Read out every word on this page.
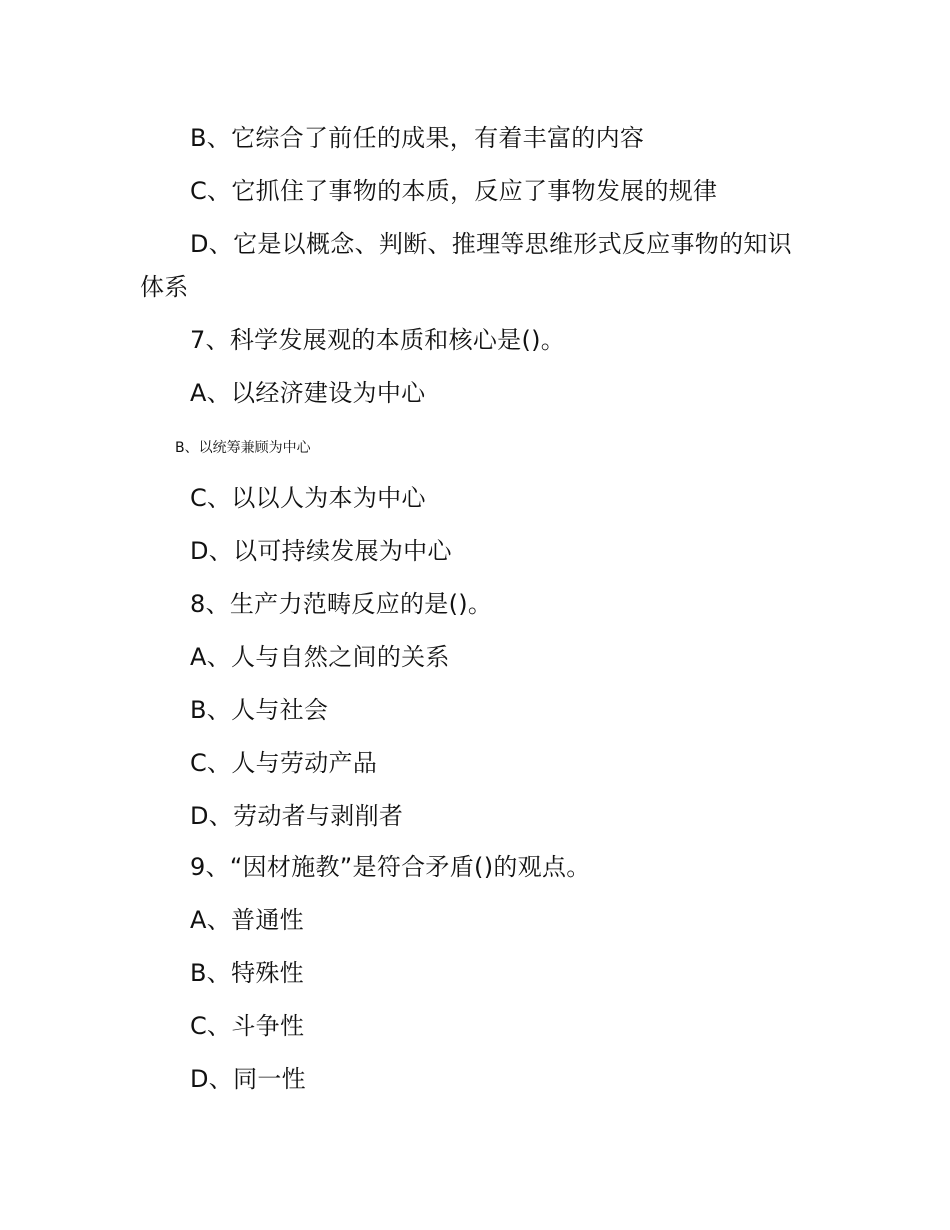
B、它综合了前任的成果，有着丰富的内容
C、它抓住了事物的本质，反应了事物发展的规律
D、它是以概念、判断、推理等思维形式反应事物的知识
体系
7、科学发展观的本质和核心是()。
A、以经济建设为中心
B、以统筹兼顾为中心
C、以以人为本为中心
D、以可持续发展为中心
8、生产力范畴反应的是()。
A、人与自然之间的关系
B、人与社会
C、人与劳动产品
D、劳动者与剥削者
9、“因材施教”是符合矛盾()的观点。
A、普通性
B、特殊性
C、斗争性
D、同一性
